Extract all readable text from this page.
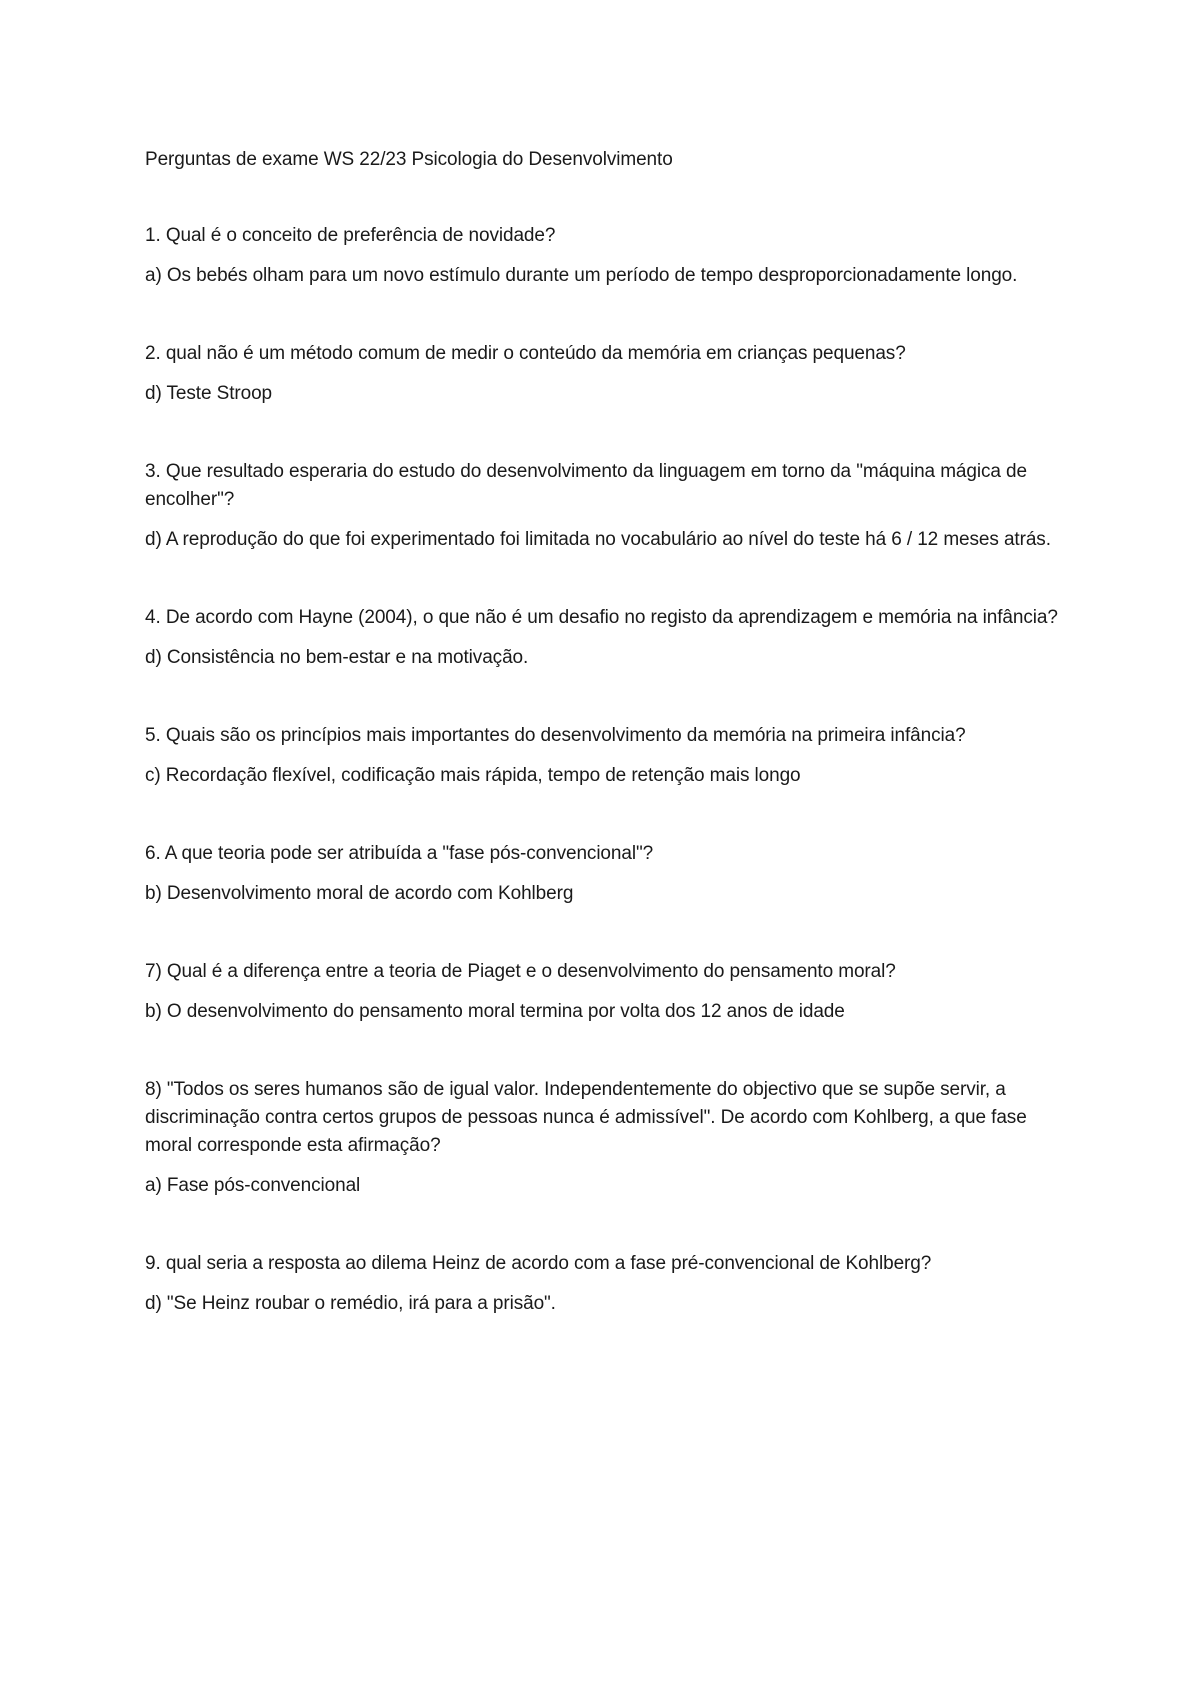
Perguntas de exame WS 22/23 Psicologia do Desenvolvimento

1. Qual é o conceito de preferência de novidade?

a) Os bebés olham para um novo estímulo durante um período de tempo desproporcionadamente longo.

2. qual não é um método comum de medir o conteúdo da memória em crianças pequenas?

d) Teste Stroop

3. Que resultado esperaria do estudo do desenvolvimento da linguagem em torno da "máquina mágica de encolher"?

d) A reprodução do que foi experimentado foi limitada no vocabulário ao nível do teste há 6 / 12 meses atrás.

4. De acordo com Hayne (2004), o que não é um desafio no registo da aprendizagem e memória na infância?

d) Consistência no bem-estar e na motivação.

5. Quais são os princípios mais importantes do desenvolvimento da memória na primeira infância?

c) Recordação flexível, codificação mais rápida, tempo de retenção mais longo

6. A que teoria pode ser atribuída a "fase pós-convencional"?

b) Desenvolvimento moral de acordo com Kohlberg

7) Qual é a diferença entre a teoria de Piaget e o desenvolvimento do pensamento moral?

b) O desenvolvimento do pensamento moral termina por volta dos 12 anos de idade

8) "Todos os seres humanos são de igual valor. Independentemente do objectivo que se supõe servir, a discriminação contra certos grupos de pessoas nunca é admissível". De acordo com Kohlberg, a que fase moral corresponde esta afirmação?

a) Fase pós-convencional

9. qual seria a resposta ao dilema Heinz de acordo com a fase pré-convencional de Kohlberg?

d) "Se Heinz roubar o remédio, irá para a prisão".
